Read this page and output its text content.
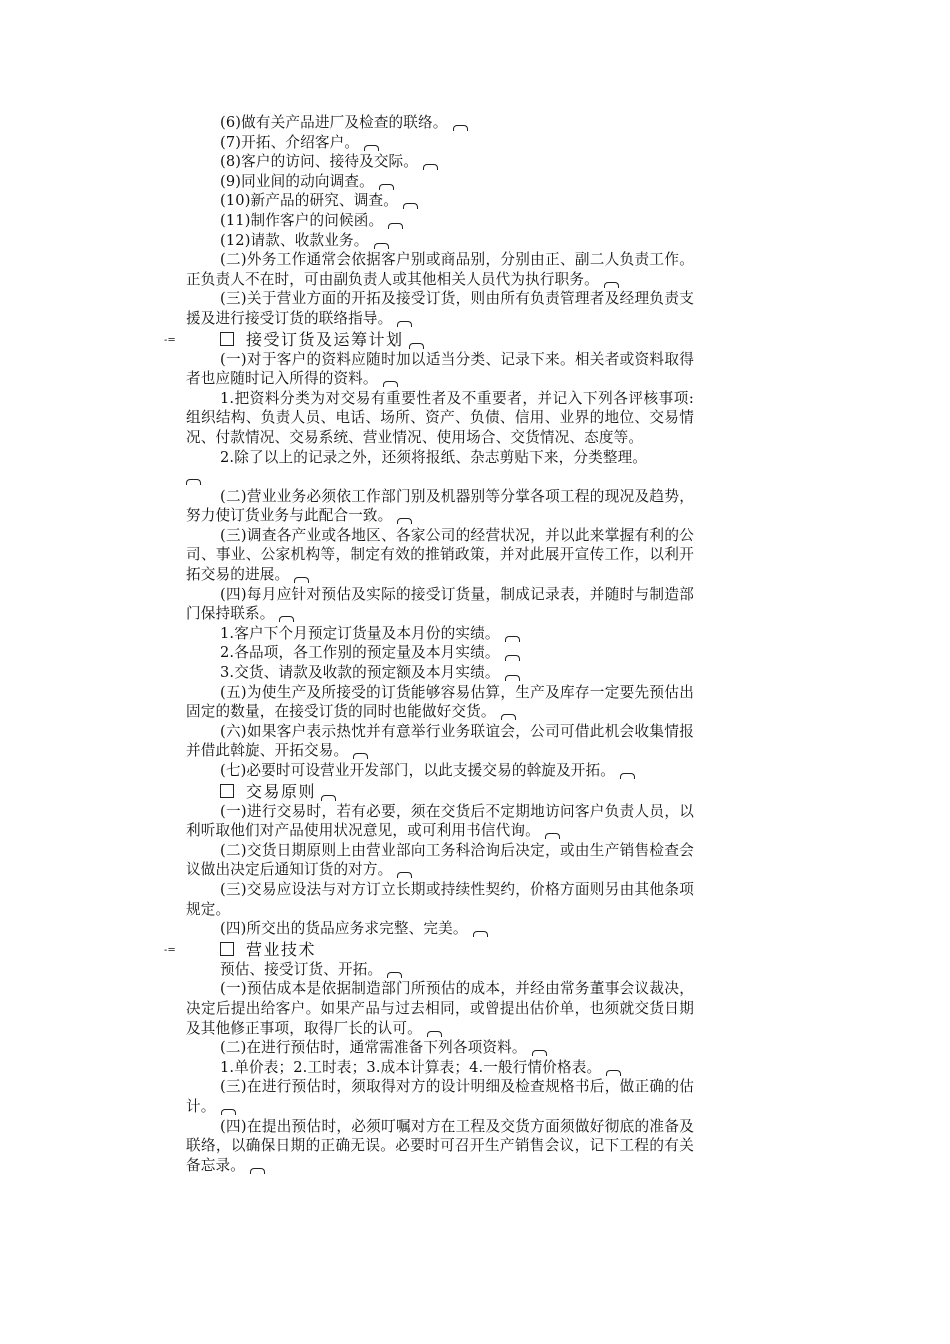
(6)做有关产品进厂及检查的联络。
(7)开拓、介绍客户。
(8)客户的访问、接待及交际。
(9)同业间的动向调查。
(10)新产品的研究、调查。
(11)制作客户的问候函。
(12)请款、收款业务。
(二)外务工作通常会依据客户别或商品别，分别由正、副二人负责工作。正负责人不在时，可由副负责人或其他相关人员代为执行职务。
(三)关于营业方面的开拓及接受订货，则由所有负责管理者及经理负责支援及进行接受订货的联络指导。
-=	接受订货及运筹计划
(一)对于客户的资料应随时加以适当分类、记录下来。相关者或资料取得者也应随时记入所得的资料。
1.把资料分类为对交易有重要性者及不重要者，并记入下列各评核事项:组织结构、负责人员、电话、场所、资产、负债、信用、业界的地位、交易情况、付款情况、交易系统、营业情况、使用场合、交货情况、态度等。
2.除了以上的记录之外，还须将报纸、杂志剪贴下来，分类整理。

(二)营业业务必须依工作部门别及机器别等分掌各项工程的现况及趋势，努力使订货业务与此配合一致。
(三)调查各产业或各地区、各家公司的经营状况，并以此来掌握有利的公司、事业、公家机构等，制定有效的推销政策，并对此展开宣传工作，以利开拓交易的进展。
(四)每月应针对预估及实际的接受订货量，制成记录表，并随时与制造部门保持联系。
1.客户下个月预定订货量及本月份的实绩。
2.各品项，各工作别的预定量及本月实绩。
3.交货、请款及收款的预定额及本月实绩。
(五)为使生产及所接受的订货能够容易估算，生产及库存一定要先预估出固定的数量，在接受订货的同时也能做好交货。
(六)如果客户表示热忱并有意举行业务联谊会，公司可借此机会收集情报并借此斡旋、开拓交易。
(七)必要时可设营业开发部门，以此支援交易的斡旋及开拓。
交易原则
(一)进行交易时，若有必要，须在交货后不定期地访问客户负责人员，以利听取他们对产品使用状况意见，或可利用书信代询。
(二)交货日期原则上由营业部向工务科洽询后决定，或由生产销售检查会议做出决定后通知订货的对方。
(三)交易应设法与对方订立长期或持续性契约，价格方面则另由其他条项规定。
(四)所交出的货品应务求完整、完美。
-=	营业技术
预估、接受订货、开拓。
(一)预估成本是依据制造部门所预估的成本，并经由常务董事会议裁决，决定后提出给客户。如果产品与过去相同，或曾提出估价单，也须就交货日期及其他修正事项，取得厂长的认可。
(二)在进行预估时，通常需准备下列各项资料。
1.单价表；2.工时表；3.成本计算表；4.一般行情价格表。
(三)在进行预估时，须取得对方的设计明细及检查规格书后，做正确的估计。
(四)在提出预估时，必须叮嘱对方在工程及交货方面须做好彻底的准备及联络，以确保日期的正确无误。必要时可召开生产销售会议，记下工程的有关备忘录。
